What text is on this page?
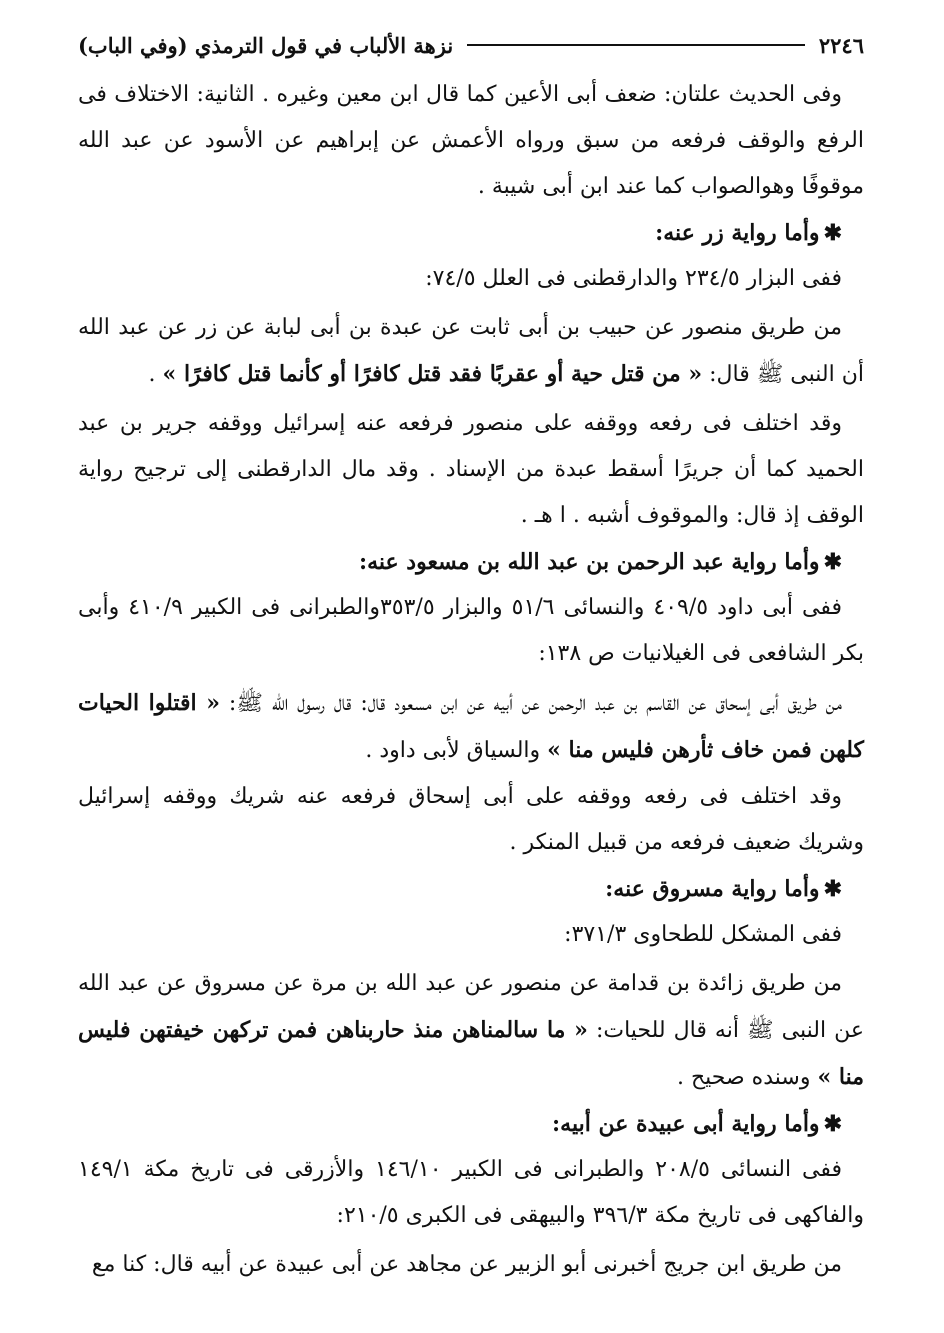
٢٢٤٦
نزهة الألباب في قول الترمذي (وفي الباب)

وفى الحديث علتان: ضعف أبى الأعين كما قال ابن معين وغيره . الثانية: الاختلاف فى الرفع والوقف فرفعه من سبق ورواه الأعمش عن إبراهيم عن الأسود عن عبد الله موقوفًا وهوالصواب كما عند ابن أبى شيبة .

✱وأما رواية زر عنه:

ففى البزار ٢٣٤/٥ والدارقطنى فى العلل ٧٤/٥:

من طريق منصور عن حبيب بن أبى ثابت عن عبدة بن أبى لبابة عن زر عن عبد الله أن النبى ﷺ قال: « من قتل حية أو عقربًا فقد قتل كافرًا أو كأنما قتل كافرًا » .

وقد اختلف فى رفعه ووقفه على منصور فرفعه عنه إسرائيل ووقفه جرير بن عبد الحميد كما أن جريرًا أسقط عبدة من الإسناد . وقد مال الدارقطنى إلى ترجيح رواية الوقف إذ قال: والموقوف أشبه . ا هـ .

✱وأما رواية عبد الرحمن بن عبد الله بن مسعود عنه:

ففى أبى داود ٤٠٩/٥ والنسائى ٥١/٦ والبزار ٣٥٣/٥والطبرانى فى الكبير ٤١٠/٩ وأبى بكر الشافعى فى الغيلانيات ص ١٣٨:

من طريق أبى إسحاق عن القاسم بن عبد الرحمن عن أبيه عن ابن مسعود قال: قال رسول الله ﷺ: « اقتلوا الحيات كلهن فمن خاف ثأرهن فليس منا » والسياق لأبى داود .

وقد اختلف فى رفعه ووقفه على أبى إسحاق فرفعه عنه شريك ووقفه إسرائيل وشريك ضعيف فرفعه من قبيل المنكر .

✱وأما رواية مسروق عنه:

ففى المشكل للطحاوى ٣٧١/٣:

من طريق زائدة بن قدامة عن منصور عن عبد الله بن مرة عن مسروق عن عبد الله عن النبى ﷺ أنه قال للحيات: « ما سالمناهن منذ حاربناهن فمن تركهن خيفتهن فليس منا » وسنده صحيح .

✱وأما رواية أبى عبيدة عن أبيه:

ففى النسائى ٢٠٨/٥ والطبرانى فى الكبير ١٤٦/١٠ والأزرقى فى تاريخ مكة ١٤٩/١ والفاكهى فى تاريخ مكة ٣٩٦/٣ والبيهقى فى الكبرى ٢١٠/٥:

من طريق ابن جريج أخبرنى أبو الزبير عن مجاهد عن أبى عبيدة عن أبيه قال: كنا مع
